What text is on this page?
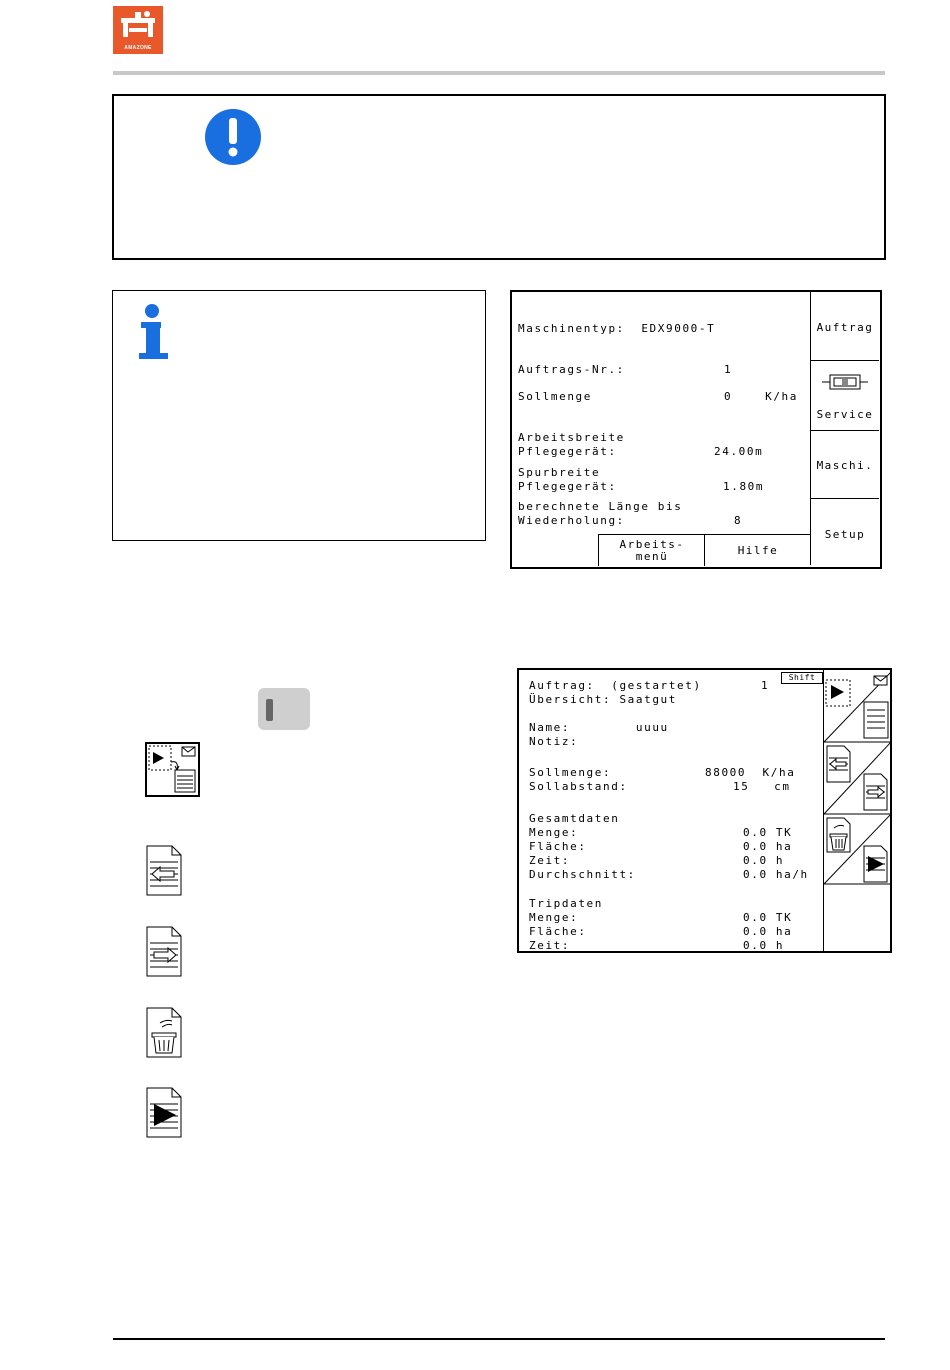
AMAZONE
Maschinentyp:  EDX9000-T
Auftrags-Nr.:	1
Sollmenge	0    K/ha
Arbeitsbreite
Pflegegerät:	24.00m
Spurbreite
Pflegegerät:	1.80m
berechnete Länge bis
Wiederholung:	8
Auftrag
Service
Maschi.
Setup
Arbeits-
menü	Hilfe
Auftrag:  (gestartet)	1
Übersicht: Saatgut
Name:        uuuu
Notiz:
Sollmenge:	88000  K/ha
Sollabstand:	15   cm
Gesamtdaten
Menge:	0.0 TK
Fläche:	0.0 ha
Zeit:	0.0 h
Durchschnitt:	0.0 ha/h
Tripdaten
Menge:	0.0 TK
Fläche:	0.0 ha
Zeit:	0.0 h
Shift
